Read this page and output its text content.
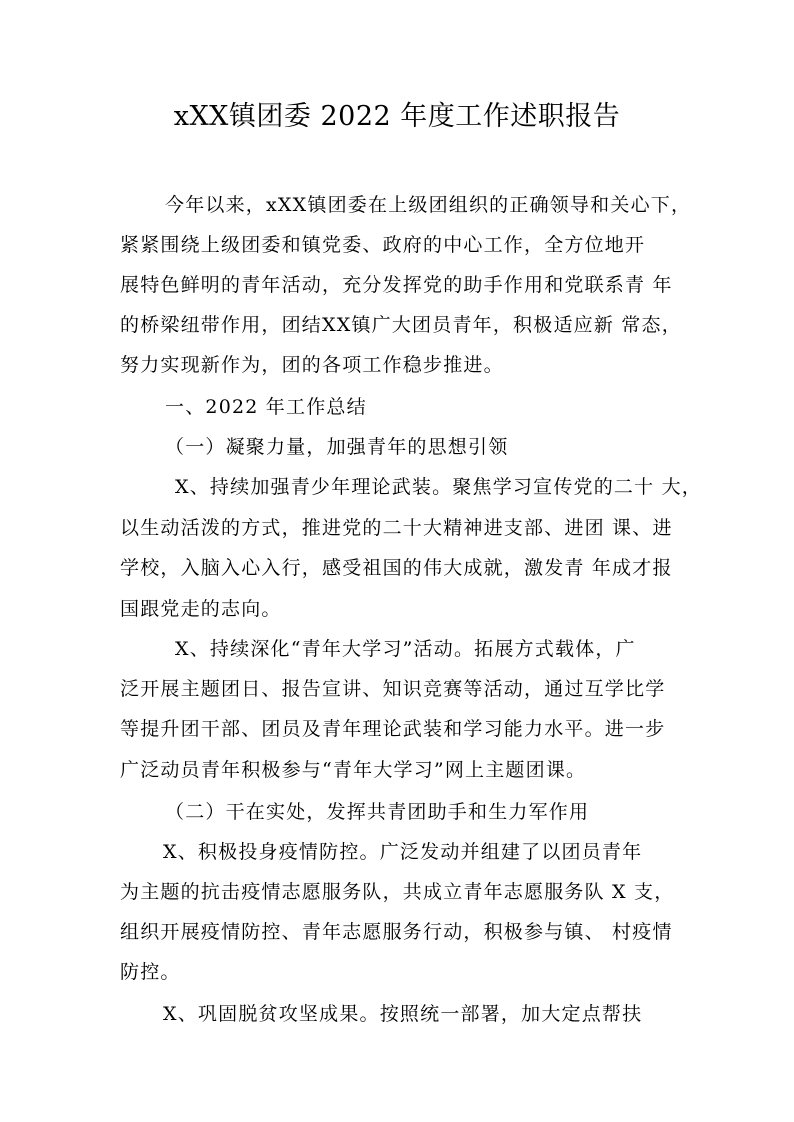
xXX镇团委 2022 年度工作述职报告
今年以来，xXX镇团委在上级团组织的正确领导和关心下，
紧紧围绕上级团委和镇党委、政府的中心工作，全方位地开
展特色鲜明的青年活动，充分发挥党的助手作用和党联系青 年
的桥梁纽带作用，团结XX镇广大团员青年，积极适应新 常态，
努力实现新作为，团的各项工作稳步推进。
一、2022 年工作总结
（一）凝聚力量，加强青年的思想引领
X、持续加强青少年理论武装。聚焦学习宣传党的二十 大，
以生动活泼的方式，推进党的二十大精神进支部、进团 课、进
学校，入脑入心入行，感受祖国的伟大成就，激发青 年成才报
国跟党走的志向。
X、持续深化“青年大学习”活动。拓展方式载体，广
泛开展主题团日、报告宣讲、知识竞赛等活动，通过互学比学
等提升团干部、团员及青年理论武装和学习能力水平。进一步
广泛动员青年积极参与“青年大学习”网上主题团课。
（二）干在实处，发挥共青团助手和生力军作用
X、积极投身疫情防控。广泛发动并组建了以团员青年
为主题的抗击疫情志愿服务队，共成立青年志愿服务队 X 支，
组织开展疫情防控、青年志愿服务行动，积极参与镇、 村疫情
防控。
X、巩固脱贫攻坚成果。按照统一部署，加大定点帮扶
